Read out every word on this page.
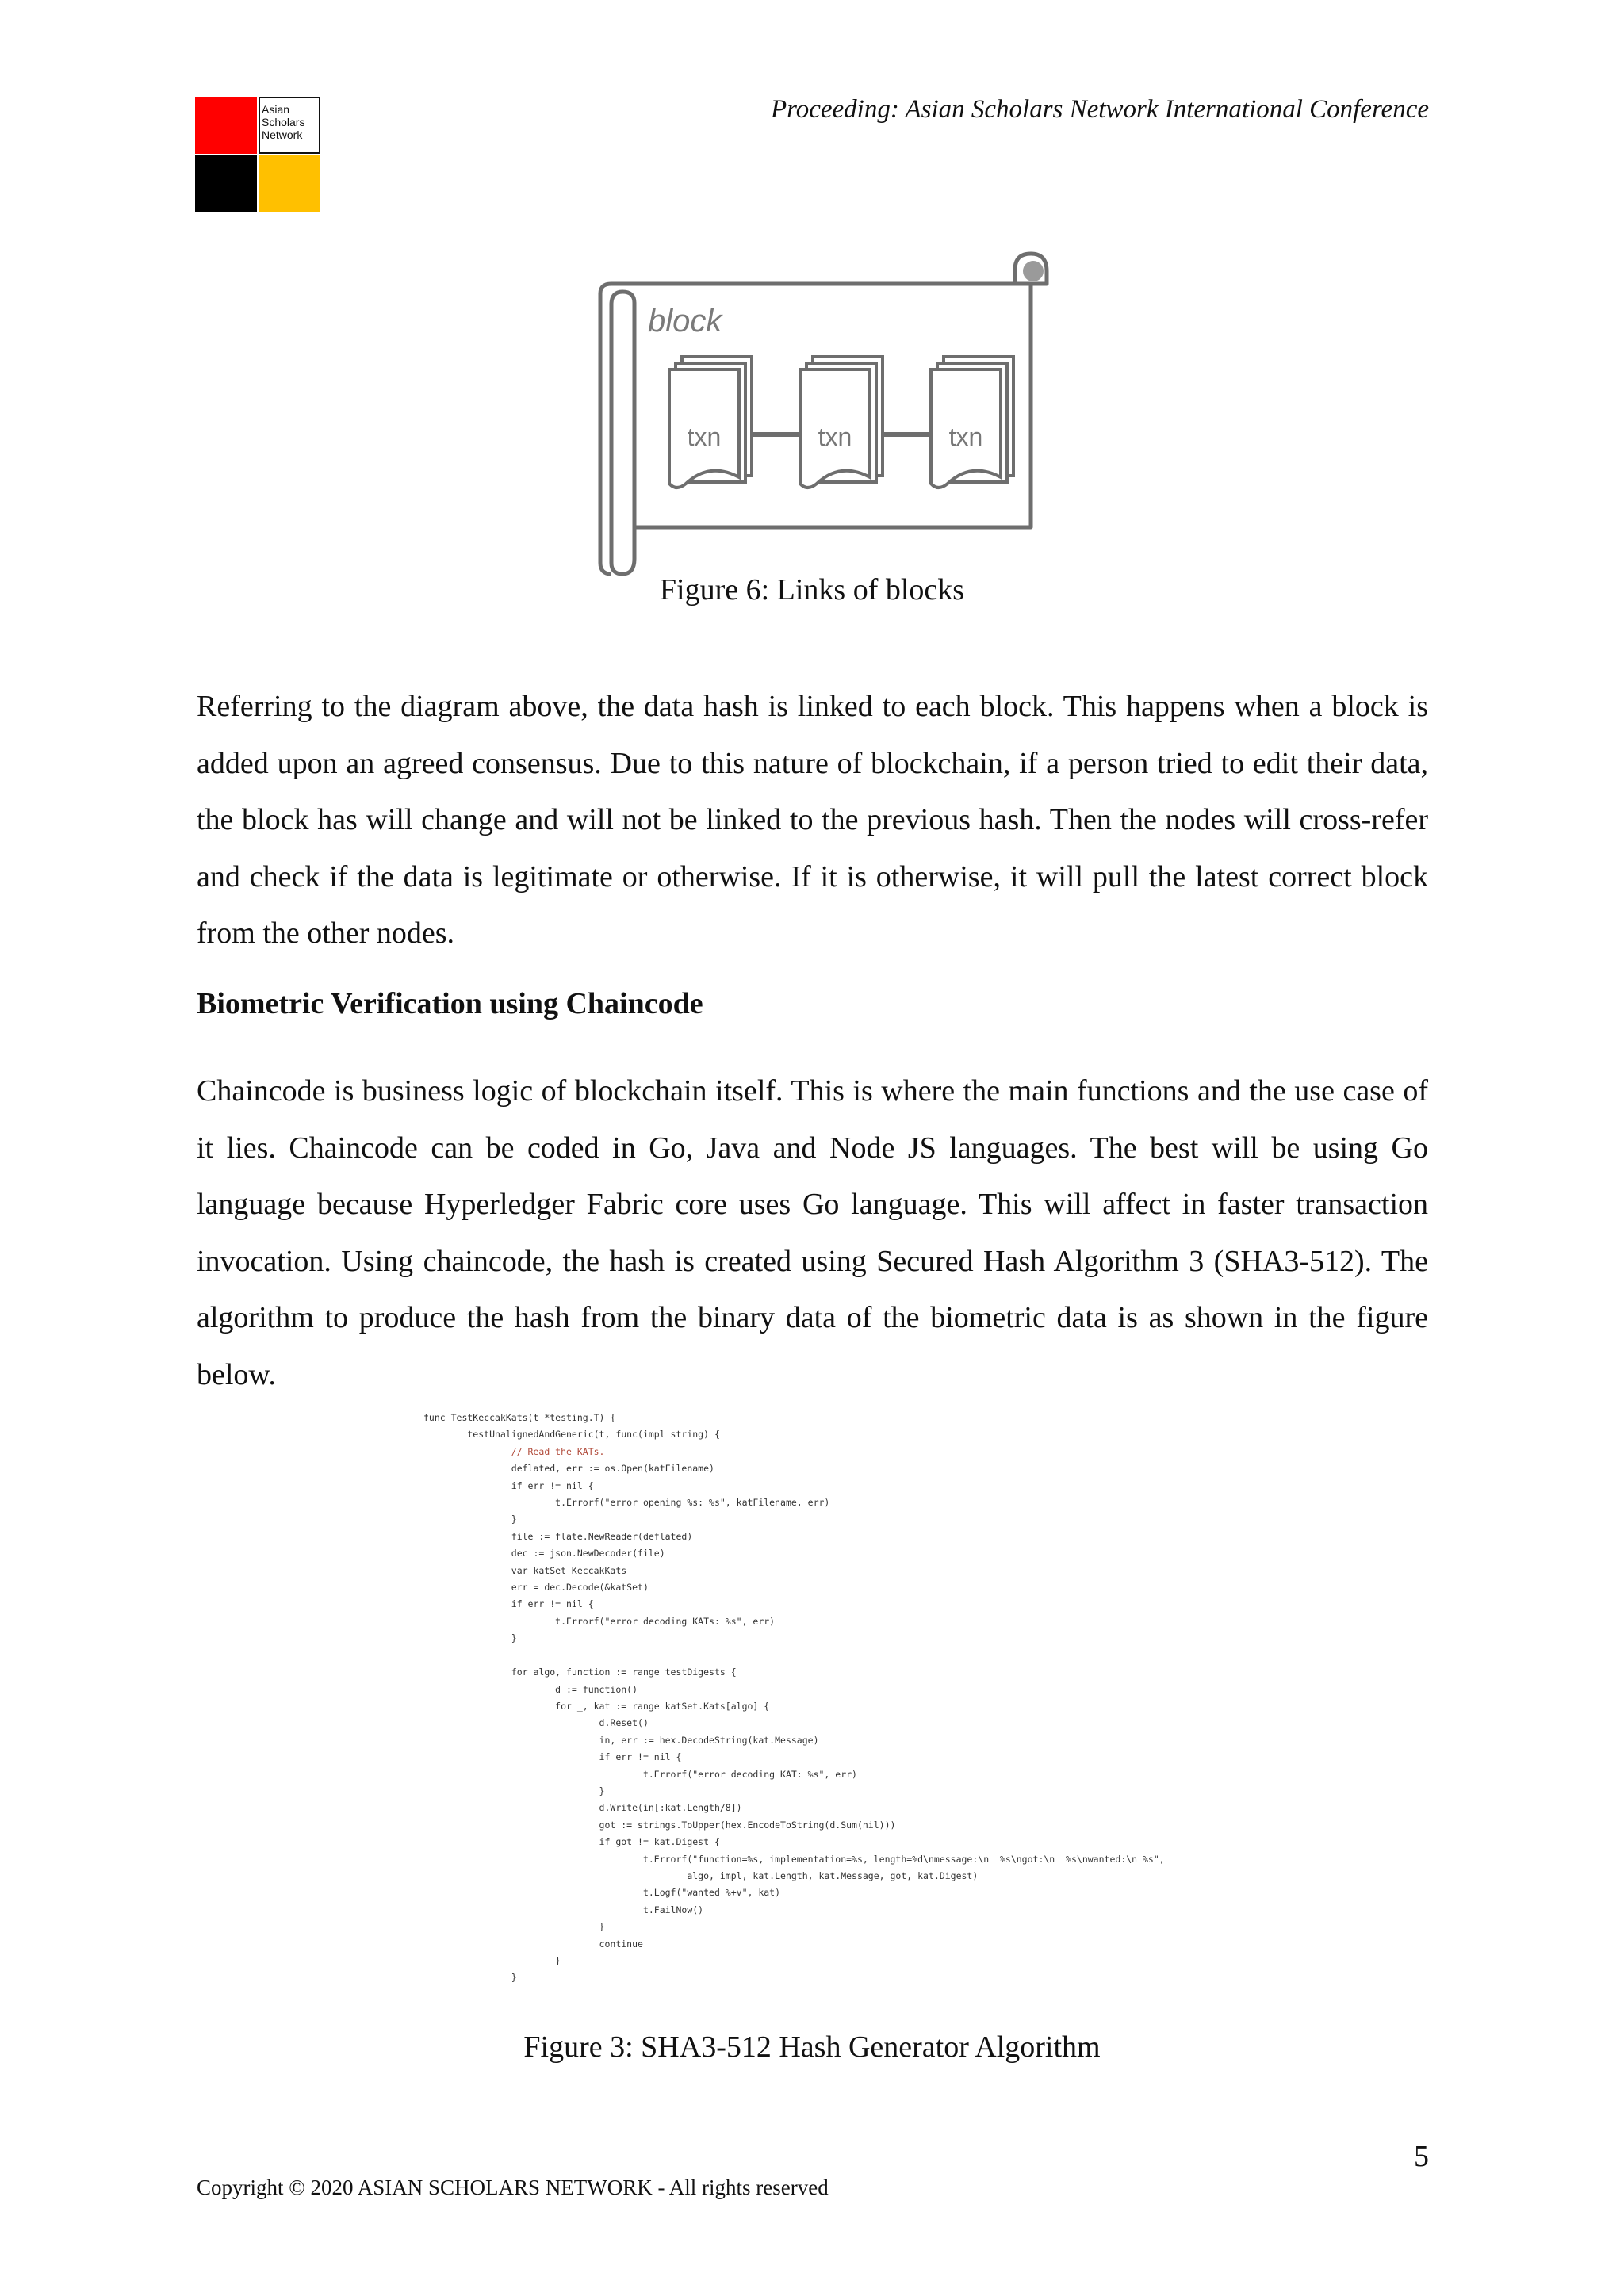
Asian
Scholars
Network
Proceeding: Asian Scholars Network International Conference
block
txn	txn	txn
Figure 6: Links of blocks

Referring to the diagram above, the data hash is linked to each block. This happens when a block is added upon an agreed consensus. Due to this nature of blockchain, if a person tried to edit their data, the block has will change and will not be linked to the previous hash. Then the nodes will cross-refer and check if the data is legitimate or otherwise. If it is otherwise, it will pull the latest correct block from the other nodes.

Biometric Verification using Chaincode

Chaincode is business logic of blockchain itself. This is where the main functions and the use case of it lies. Chaincode can be coded in Go, Java and Node JS languages. The best will be using Go language because Hyperledger Fabric core uses Go language. This will affect in faster transaction invocation. Using chaincode, the hash is created using Secured Hash Algorithm 3 (SHA3-512). The algorithm to produce the hash from the binary data of the biometric data is as shown in the figure below.

func TestKeccakKats(t *testing.T) {
testUnalignedAndGeneric(t, func(impl string) {
// Read the KATs.
deflated, err := os.Open(katFilename)
if err != nil {
t.Errorf("error opening %s: %s", katFilename, err)
}
file := flate.NewReader(deflated)
dec := json.NewDecoder(file)
var katSet KeccakKats
err = dec.Decode(&katSet)
if err != nil {
t.Errorf("error decoding KATs: %s", err)
}

for algo, function := range testDigests {
d := function()
for _, kat := range katSet.Kats[algo] {
d.Reset()
in, err := hex.DecodeString(kat.Message)
if err != nil {
t.Errorf("error decoding KAT: %s", err)
}
d.Write(in[:kat.Length/8])
got := strings.ToUpper(hex.EncodeToString(d.Sum(nil)))
if got != kat.Digest {
t.Errorf("function=%s, implementation=%s, length=%d\nmessage:\n  %s\ngot:\n  %s\nwanted:\n %s",
algo, impl, kat.Length, kat.Message, got, kat.Digest)
t.Logf("wanted %+v", kat)
t.FailNow()
}
continue
}
}
Figure 3: SHA3-512 Hash Generator Algorithm
5
Copyright © 2020 ASIAN SCHOLARS NETWORK - All rights reserved
